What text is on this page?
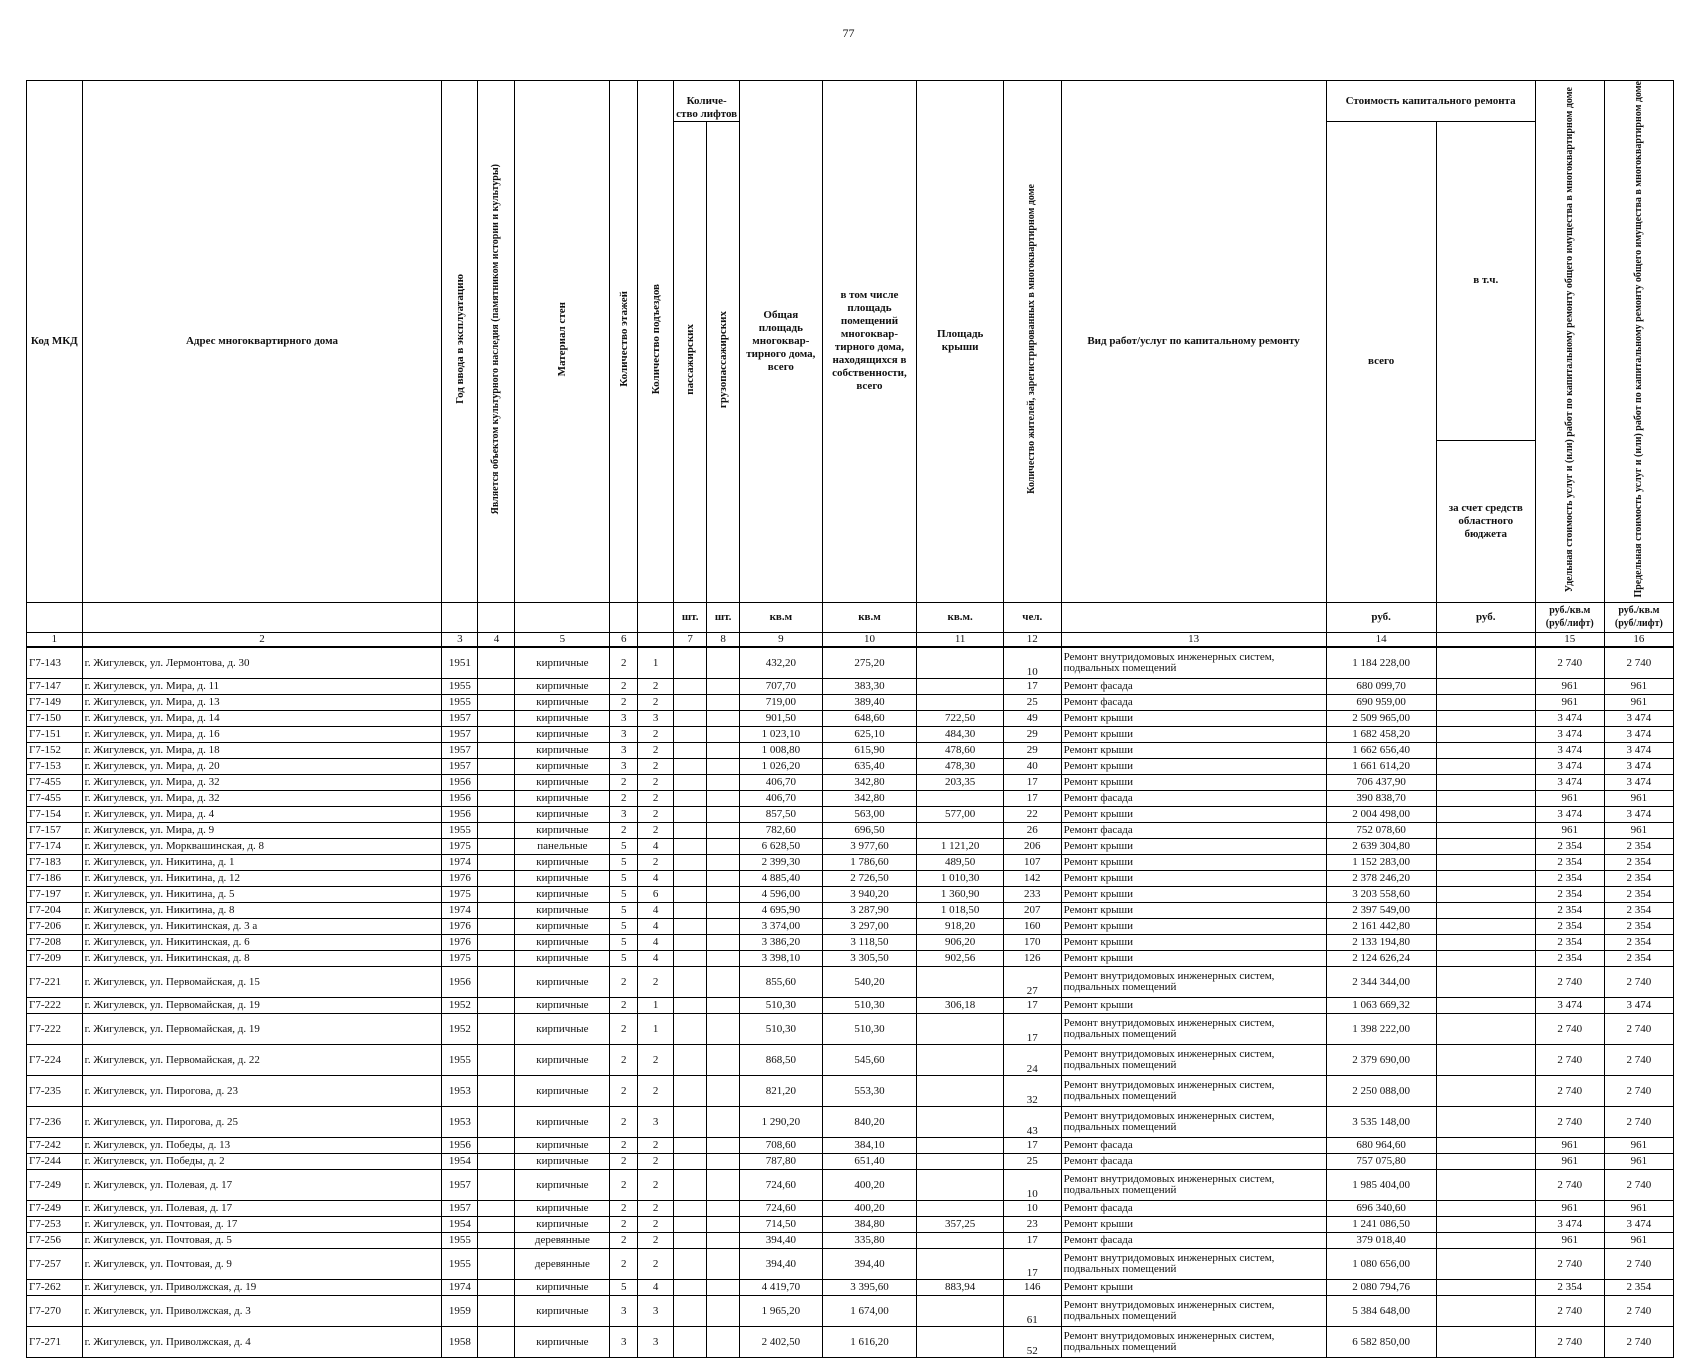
77
Код МКД	Адрес многоквартирного дома	Год ввода в эксплуатацию	Является объектом культурного наследия (памятником истории и культуры)	Материал стен	Количество этажей	Количество подъездов	Количе-ство лифтов		Общая площадь многоквар-тирного дома, всего	в том числе площадь помещений многоквар-тирного дома, находящихся в собственности, всего	Площадь крыши	Количество жителей, зарегистрированных в многоквартирном доме	Вид работ/услуг по капитальному ремонту	Стоимость капитального ремонта		Удельная стоимость услуг и (или) работ по капитальному ремонту общего имущества в многоквартирном доме	Предельная стоимость услуг и (или) работ по капитальному ремонту общего имущества в многоквартирном доме
							пассажирских	грузопассажирских						всего	в т.ч.		
															за счет средств областного бюджета		
							шт.	шт.	кв.м	кв.м	кв.м.	чел.		руб.	руб.	руб./кв.м (руб/лифт)	руб./кв.м (руб/лифт)
1	2	3	4	5	6		7	8	9	10	11	12	13	14		15	16
Г7-143	г. Жигулевск, ул. Лермонтова, д. 30	1951		кирпичные	2	1			432,20	275,20		10	Ремонт внутридомовых инженерных систем, подвальных помещений	1 184 228,00		2 740	2 740
Г7-147	г. Жигулевск, ул. Мира, д. 11	1955		кирпичные	2	2			707,70	383,30		17	Ремонт фасада	680 099,70		961	961
Г7-149	г. Жигулевск, ул. Мира, д. 13	1955		кирпичные	2	2			719,00	389,40		25	Ремонт фасада	690 959,00		961	961
Г7-150	г. Жигулевск, ул. Мира, д. 14	1957		кирпичные	3	3			901,50	648,60	722,50	49	Ремонт крыши	2 509 965,00		3 474	3 474
Г7-151	г. Жигулевск, ул. Мира, д. 16	1957		кирпичные	3	2			1 023,10	625,10	484,30	29	Ремонт крыши	1 682 458,20		3 474	3 474
Г7-152	г. Жигулевск, ул. Мира, д. 18	1957		кирпичные	3	2			1 008,80	615,90	478,60	29	Ремонт крыши	1 662 656,40		3 474	3 474
Г7-153	г. Жигулевск, ул. Мира, д. 20	1957		кирпичные	3	2			1 026,20	635,40	478,30	40	Ремонт крыши	1 661 614,20		3 474	3 474
Г7-455	г. Жигулевск, ул. Мира, д. 32	1956		кирпичные	2	2			406,70	342,80	203,35	17	Ремонт крыши	706 437,90		3 474	3 474
Г7-455	г. Жигулевск, ул. Мира, д. 32	1956		кирпичные	2	2			406,70	342,80		17	Ремонт фасада	390 838,70		961	961
Г7-154	г. Жигулевск, ул. Мира, д. 4	1956		кирпичные	3	2			857,50	563,00	577,00	22	Ремонт крыши	2 004 498,00		3 474	3 474
Г7-157	г. Жигулевск, ул. Мира, д. 9	1955		кирпичные	2	2			782,60	696,50		26	Ремонт фасада	752 078,60		961	961
Г7-174	г. Жигулевск, ул. Морквашинская, д. 8	1975		панельные	5	4			6 628,50	3 977,60	1 121,20	206	Ремонт крыши	2 639 304,80		2 354	2 354
Г7-183	г. Жигулевск, ул. Никитина, д. 1	1974		кирпичные	5	2			2 399,30	1 786,60	489,50	107	Ремонт крыши	1 152 283,00		2 354	2 354
Г7-186	г. Жигулевск, ул. Никитина, д. 12	1976		кирпичные	5	4			4 885,40	2 726,50	1 010,30	142	Ремонт крыши	2 378 246,20		2 354	2 354
Г7-197	г. Жигулевск, ул. Никитина, д. 5	1975		кирпичные	5	6			4 596,00	3 940,20	1 360,90	233	Ремонт крыши	3 203 558,60		2 354	2 354
Г7-204	г. Жигулевск, ул. Никитина, д. 8	1974		кирпичные	5	4			4 695,90	3 287,90	1 018,50	207	Ремонт крыши	2 397 549,00		2 354	2 354
Г7-206	г. Жигулевск, ул. Никитинская, д. 3 а	1976		кирпичные	5	4			3 374,00	3 297,00	918,20	160	Ремонт крыши	2 161 442,80		2 354	2 354
Г7-208	г. Жигулевск, ул. Никитинская, д. 6	1976		кирпичные	5	4			3 386,20	3 118,50	906,20	170	Ремонт крыши	2 133 194,80		2 354	2 354
Г7-209	г. Жигулевск, ул. Никитинская, д. 8	1975		кирпичные	5	4			3 398,10	3 305,50	902,56	126	Ремонт крыши	2 124 626,24		2 354	2 354
Г7-221	г. Жигулевск, ул. Первомайская, д. 15	1956		кирпичные	2	2			855,60	540,20		27	Ремонт внутридомовых инженерных систем, подвальных помещений	2 344 344,00		2 740	2 740
Г7-222	г. Жигулевск, ул. Первомайская, д. 19	1952		кирпичные	2	1			510,30	510,30	306,18	17	Ремонт крыши	1 063 669,32		3 474	3 474
Г7-222	г. Жигулевск, ул. Первомайская, д. 19	1952		кирпичные	2	1			510,30	510,30		17	Ремонт внутридомовых инженерных систем, подвальных помещений	1 398 222,00		2 740	2 740
Г7-224	г. Жигулевск, ул. Первомайская, д. 22	1955		кирпичные	2	2			868,50	545,60		24	Ремонт внутридомовых инженерных систем, подвальных помещений	2 379 690,00		2 740	2 740
Г7-235	г. Жигулевск, ул. Пирогова, д. 23	1953		кирпичные	2	2			821,20	553,30		32	Ремонт внутридомовых инженерных систем, подвальных помещений	2 250 088,00		2 740	2 740
Г7-236	г. Жигулевск, ул. Пирогова, д. 25	1953		кирпичные	2	3			1 290,20	840,20		43	Ремонт внутридомовых инженерных систем, подвальных помещений	3 535 148,00		2 740	2 740
Г7-242	г. Жигулевск, ул. Победы, д. 13	1956		кирпичные	2	2			708,60	384,10		17	Ремонт фасада	680 964,60		961	961
Г7-244	г. Жигулевск, ул. Победы, д. 2	1954		кирпичные	2	2			787,80	651,40		25	Ремонт фасада	757 075,80		961	961
Г7-249	г. Жигулевск, ул. Полевая, д. 17	1957		кирпичные	2	2			724,60	400,20		10	Ремонт внутридомовых инженерных систем, подвальных помещений	1 985 404,00		2 740	2 740
Г7-249	г. Жигулевск, ул. Полевая, д. 17	1957		кирпичные	2	2			724,60	400,20		10	Ремонт фасада	696 340,60		961	961
Г7-253	г. Жигулевск, ул. Почтовая, д. 17	1954		кирпичные	2	2			714,50	384,80	357,25	23	Ремонт крыши	1 241 086,50		3 474	3 474
Г7-256	г. Жигулевск, ул. Почтовая, д. 5	1955		деревянные	2	2			394,40	335,80		17	Ремонт фасада	379 018,40		961	961
Г7-257	г. Жигулевск, ул. Почтовая, д. 9	1955		деревянные	2	2			394,40	394,40		17	Ремонт внутридомовых инженерных систем, подвальных помещений	1 080 656,00		2 740	2 740
Г7-262	г. Жигулевск, ул. Приволжская, д. 19	1974		кирпичные	5	4			4 419,70	3 395,60	883,94	146	Ремонт крыши	2 080 794,76		2 354	2 354
Г7-270	г. Жигулевск, ул. Приволжская, д. 3	1959		кирпичные	3	3			1 965,20	1 674,00		61	Ремонт внутридомовых инженерных систем, подвальных помещений	5 384 648,00		2 740	2 740
Г7-271	г. Жигулевск, ул. Приволжская, д. 4	1958		кирпичные	3	3			2 402,50	1 616,20		52	Ремонт внутридомовых инженерных систем, подвальных помещений	6 582 850,00		2 740	2 740
